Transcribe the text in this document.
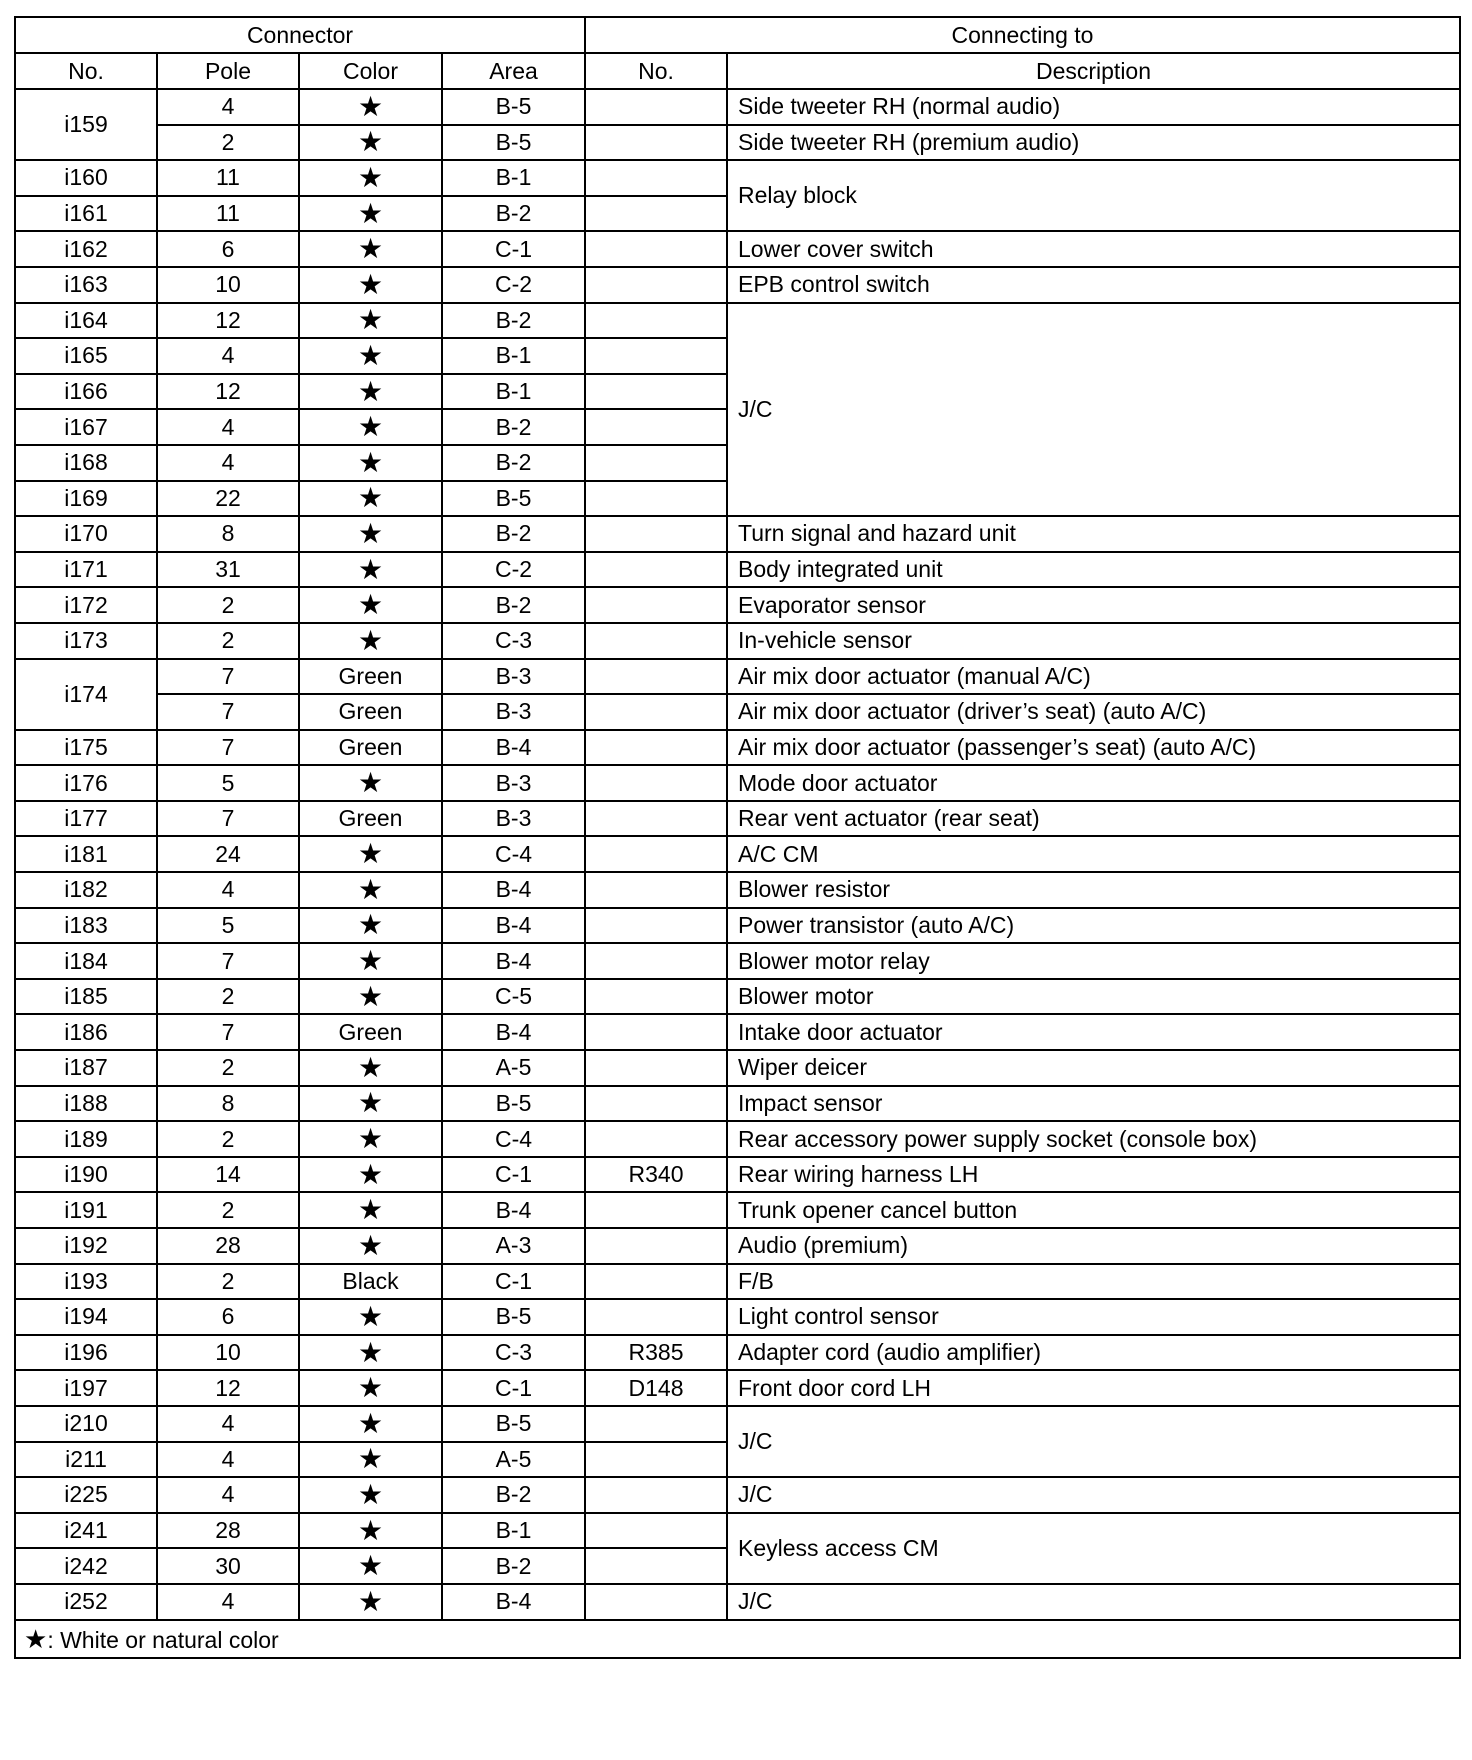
Connector				Connecting to	
No.	Pole	Color	Area	No.	Description
i159	4	★	B-5		Side tweeter RH (normal audio)
	2	★	B-5		Side tweeter RH (premium audio)
i160	11	★	B-1		Relay block
i161	11	★	B-2		
i162	6	★	C-1		Lower cover switch
i163	10	★	C-2		EPB control switch
i164	12	★	B-2		J/C
i165	4	★	B-1		
i166	12	★	B-1		
i167	4	★	B-2		
i168	4	★	B-2		
i169	22	★	B-5		
i170	8	★	B-2		Turn signal and hazard unit
i171	31	★	C-2		Body integrated unit
i172	2	★	B-2		Evaporator sensor
i173	2	★	C-3		In-vehicle sensor
i174	7	Green	B-3		Air mix door actuator (manual A/C)
	7	Green	B-3		Air mix door actuator (driver’s seat) (auto A/C)
i175	7	Green	B-4		Air mix door actuator (passenger’s seat) (auto A/C)
i176	5	★	B-3		Mode door actuator
i177	7	Green	B-3		Rear vent actuator (rear seat)
i181	24	★	C-4		A/C CM
i182	4	★	B-4		Blower resistor
i183	5	★	B-4		Power transistor (auto A/C)
i184	7	★	B-4		Blower motor relay
i185	2	★	C-5		Blower motor
i186	7	Green	B-4		Intake door actuator
i187	2	★	A-5		Wiper deicer
i188	8	★	B-5		Impact sensor
i189	2	★	C-4		Rear accessory power supply socket (console box)
i190	14	★	C-1	R340	Rear wiring harness LH
i191	2	★	B-4		Trunk opener cancel button
i192	28	★	A-3		Audio (premium)
i193	2	Black	C-1		F/B
i194	6	★	B-5		Light control sensor
i196	10	★	C-3	R385	Adapter cord (audio amplifier)
i197	12	★	C-1	D148	Front door cord LH
i210	4	★	B-5		J/C
i211	4	★	A-5		
i225	4	★	B-2		J/C
i241	28	★	B-1		Keyless access CM
i242	30	★	B-2		
i252	4	★	B-4		J/C
★: White or natural color					
